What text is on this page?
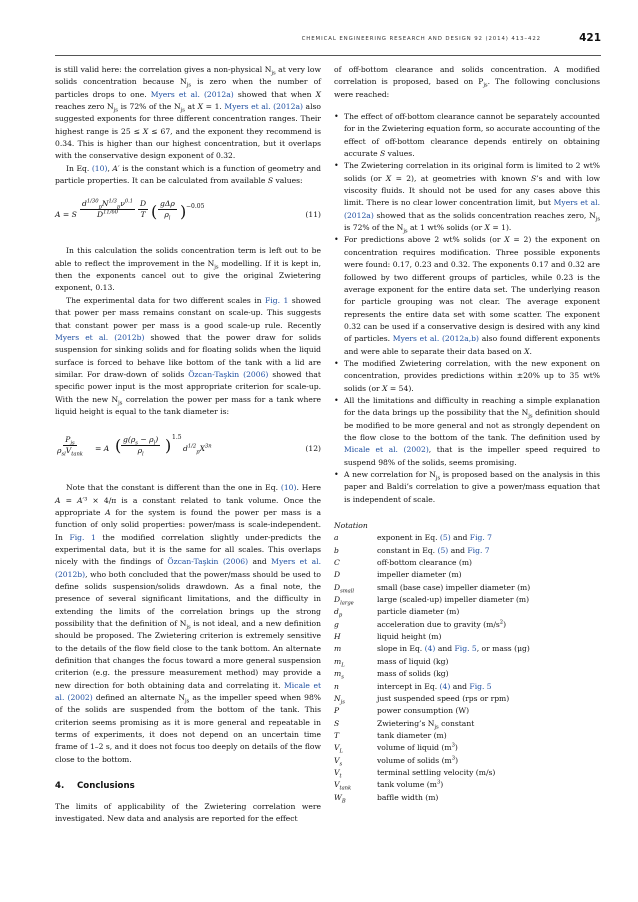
CHEMICAL ENGINEERING RESEARCH AND DESIGN 92 (2014) 413–422	421
is still valid here: the correlation gives a non-physical $N_{js}$ at very low solids concentration because $N_{js}$ is zero when the number of particles drops to one. Myers et al. (2012a) showed that when X reaches zero $N_{js}$ is 72% of the $N_{js}$ at X = 1. Myers et al. (2012a) also suggested exponents for three different concentration ranges. Their highest range is 25 ≤ X ≤ 67, and the exponent they recommend is 0.34. This is higher than our highest concentration, but it overlaps with the conservative design exponent of 0.32.
In Eq. (10), A′ is the constant which is a function of geometry and particle properties. It can be calculated from available S values:
A = S $\frac{d^{1/30}_pN^{1/3}_p\nu^{0.1}}{D^{11/60}} \frac{D}{T}$ ( gΔρ
$\rho_l$ ) −0.05
(11)
In this calculation the solids concentration term is left out to be able to reflect the improvement in the $N_{js}$ modelling. If it is kept in, then the exponents cancel out to give the original Zwietering exponent, 0.13.
The experimental data for two different scales in Fig. 1 showed that power per mass remains constant on scale-up. This suggests that constant power per mass is a good scale-up rule. Recently Myers et al. (2012b) showed that the power draw for solids suspension for sinking solids and for floating solids when the liquid surface is forced to behave like bottom of the tank with a lid are similar. For draw-down of solids Özcan-Taşkin (2006) showed that specific power input is the most appropriate criterion for scale-up. With the new $N_{js}$ correlation the power per mass for a tank where liquid height is equal to the tank diameter is:
$P_{js}$
$\rho_{sl}V_{tank}$
= A ( $\frac{g(\rho_s - \rho_l)}{\rho_l}$ ) 1.5
$d^{1/2}_pX^{3n}$	(12)
Note that the constant is different than the one in Eq. (10). Here A = A′³ × 4/π is a constant related to tank volume. Once the appropriate A for the system is found the power per mass is a function of only solid properties: power/mass is scale-independent. In Fig. 1 the modified correlation slightly under-predicts the experimental data, but it is the same for all scales. This overlaps nicely with the findings of Özcan-Taşkin (2006) and Myers et al. (2012b), who both concluded that the power/mass should be used to define solids suspension/solids drawdown. As a final note, the presence of several significant limitations, and the difficulty in extending the limits of the correlation brings up the strong possibility that the definition of $N_{js}$ is not ideal, and a new definition should be proposed. The Zwietering criterion is extremely sensitive to the details of the flow field close to the tank bottom. An alternate definition that changes the focus toward a more general suspension criterion (e.g. the pressure measurement method) may provide a new direction for both obtaining data and correlating it. Micale et al. (2002) defined an alternate $N_{js}$ as the impeller speed when 98% of the solids are suspended from the bottom of the tank. This criterion seems promising as it is more general and repeatable in terms of experiments, it does not depend on an uncertain time frame of 1–2 s, and it does not focus too deeply on details of the flow close to the bottom.
4. Conclusions
The limits of applicability of the Zwietering correlation were investigated. New data and analysis are reported for the effect
of off-bottom clearance and solids concentration. A modified correlation is proposed, based on $P_{js}$. The following conclusions were reached:
• The effect of off-bottom clearance cannot be separately accounted for in the Zwietering equation form, so accurate accounting of the effect of off-bottom clearance depends entirely on obtaining accurate S values.
• The Zwietering correlation in its original form is limited to 2 wt% solids (or X = 2), at geometries with known S’s and with low viscosity fluids. It should not be used for any cases above this limit. There is no clear lower concentration limit, but Myers et al. (2012a) showed that as the solids concentration reaches zero, $N_{js}$ is 72% of the $N_{js}$ at 1 wt% solids (or X = 1).
• For predictions above 2 wt% solids (or X = 2) the exponent on concentration requires modification. Three possible exponents were found: 0.17, 0.23 and 0.32. The exponents 0.17 and 0.32 are followed by two different groups of particles, while 0.23 is the average exponent for the entire data set. The underlying reason for particle grouping was not clear. The average exponent represents the entire data set with some scatter. The exponent 0.32 can be used if a conservative design is desired with any kind of particles. Myers et al. (2012a,b) also found different exponents and were able to separate their data based on X.
• The modified Zwietering correlation, with the new exponent on concentration, provides predictions within ±20% up to 35 wt% solids (or X = 54).
• All the limitations and difficulty in reaching a simple explanation for the data brings up the possibility that the $N_{js}$ definition should be modified to be more general and not as strongly dependent on the flow close to the bottom of the tank. The definition used by Micale et al. (2002), that is the impeller speed required to suspend 98% of the solids, seems promising.
• A new correlation for $N_{js}$ is proposed based on the analysis in this paper and Baldi’s correlation to give a power/mass equation that is independent of scale.
Notation
a	exponent in Eq. (5) and Fig. 7
b	constant in Eq. (5) and Fig. 7
C	off-bottom clearance (m)
D	impeller diameter (m)
$D_{small}$	small (base case) impeller diameter (m)
$D_{large}$	large (scaled-up) impeller diameter (m)
$d_p$	particle diameter (m)
g	acceleration due to gravity $(m/s^2)$
H	liquid height (m)
m	slope in Eq. (4) and Fig. 5, or mass (μg)
$m_L$	mass of liquid (kg)
$m_s$	mass of solids (kg)
n	intercept in Eq. (4) and Fig. 5
$N_{js}$	just suspended speed (rps or rpm)
P	power consumption (W)
S	Zwietering’s $N_{js}$ constant
T	tank diameter (m)
$V_L$	volume of liquid $(m^3)$
$V_s$	volume of solids $(m^3)$
$V_t$	terminal settling velocity (m/s)
$V_{tank}$	tank volume $(m^3)$
$W_B$	baffle width (m)
